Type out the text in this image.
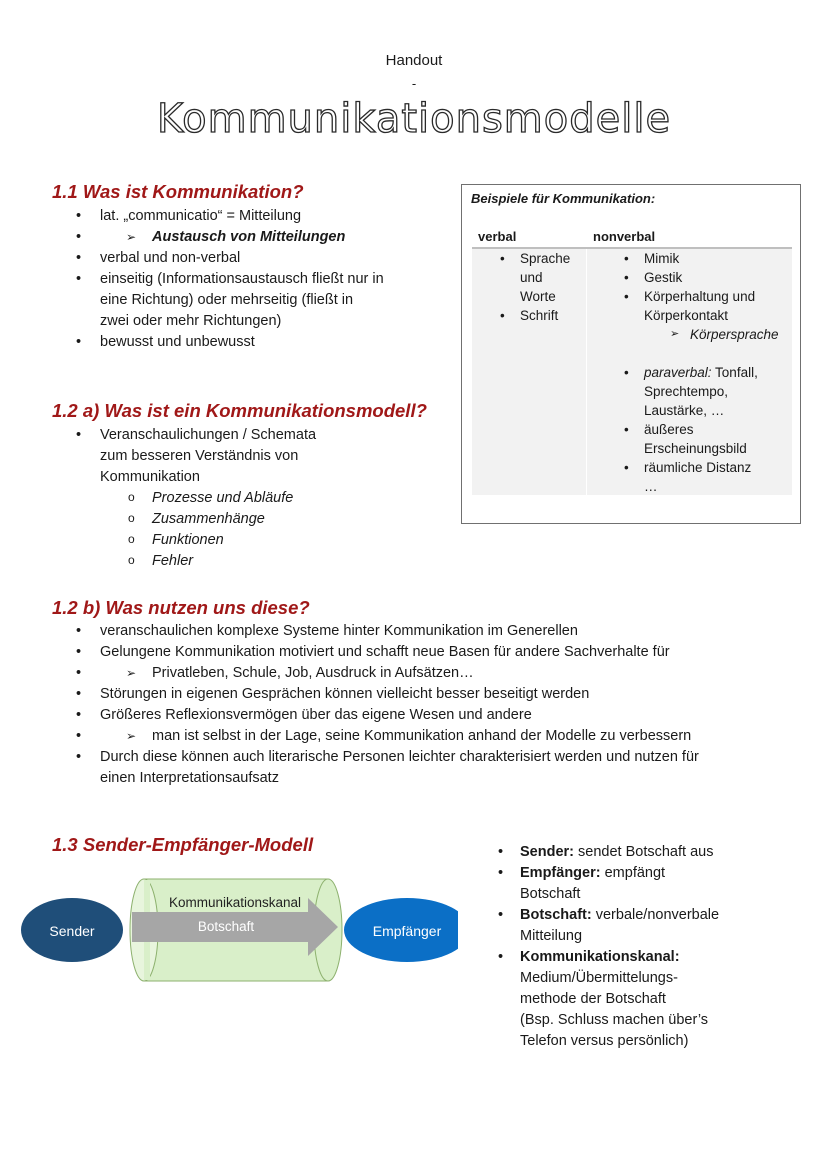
Handout
-
Kommunikationsmodelle
1.1 Was ist Kommunikation?
• lat. „communicatio“ = Mitteilung
➢ • Austausch von Mitteilungen
• verbal und non-verbal
• einseitig (Informationsaustausch fließt nur in
eine Richtung) oder mehrseitig (fließt in
zwei oder mehr Richtungen)
• bewusst und unbewusst
Beispiele für Kommunikation:
verbal	nonverbal
• Sprache
und
Worte
• Schrift
• Mimik
• Gestik
• Körperhaltung und
Körperkontakt
➢ Körpersprache
• paraverbal: Tonfall,
Sprechtempo,
Laustärke, …
• äußeres
Erscheinungsbild
• räumliche Distanz
…
1.2 a) Was ist ein Kommunikationsmodell?
• Veranschaulichungen / Schemata
zum besseren Verständnis von
Kommunikation
o Prozesse und Abläufe
o Zusammenhänge
o Funktionen
o Fehler
1.2 b) Was nutzen uns diese?
• veranschaulichen komplexe Systeme hinter Kommunikation im Generellen
• Gelungene Kommunikation motiviert und schafft neue Basen für andere Sachverhalte für
➢ • Privatleben, Schule, Job, Ausdruck in Aufsätzen…
• Störungen in eigenen Gesprächen können vielleicht besser beseitigt werden
• Größeres Reflexionsvermögen über das eigene Wesen und andere
➢ • man ist selbst in der Lage, seine Kommunikation anhand der Modelle zu verbessern
• Durch diese können auch literarische Personen leichter charakterisiert werden und nutzen für
einen Interpretationsaufsatz
1.3 Sender-Empfänger-Modell
Sender
Kommunikationskanal
Botschaft	Empfänger
• Sender: sendet Botschaft aus
• Empfänger: empfängt
Botschaft
• Botschaft: verbale/nonverbale
Mitteilung
• Kommunikationskanal:
Medium/Übermittelungs-
methode der Botschaft
(Bsp. Schluss machen über’s
Telefon versus persönlich)
